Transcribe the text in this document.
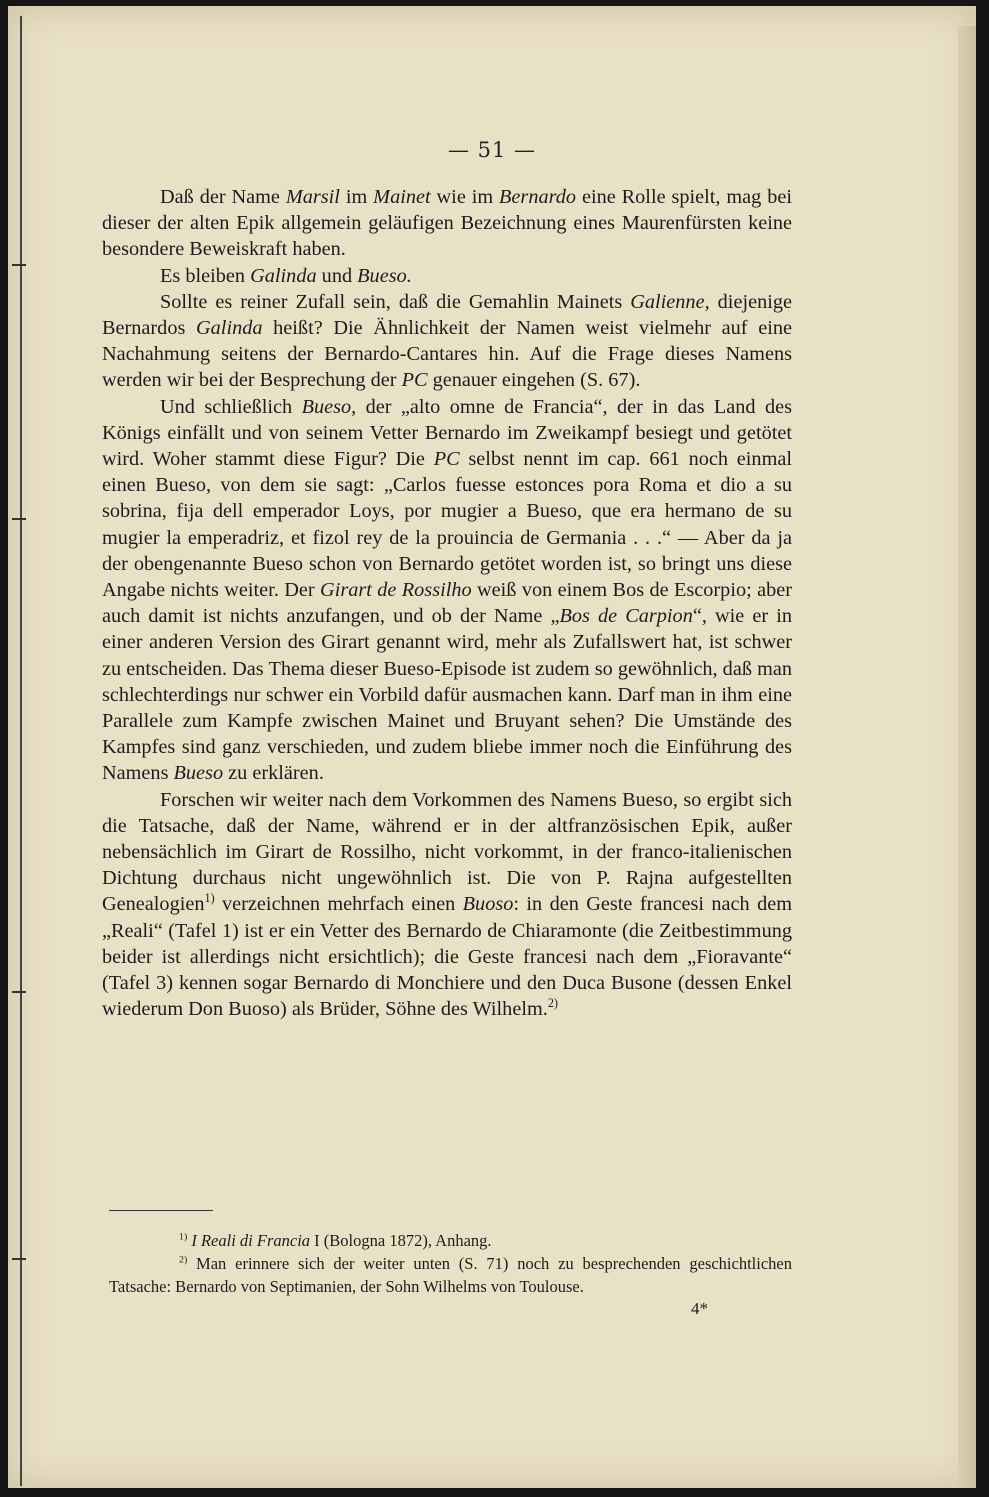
— 51 —

Daß der Name Marsil im Mainet wie im Bernardo eine Rolle spielt, mag bei dieser der alten Epik allgemein geläufigen Bezeichnung eines Maurenfürsten keine besondere Beweiskraft haben.

Es bleiben Galinda und Bueso.

Sollte es reiner Zufall sein, daß die Gemahlin Mainets Galienne, diejenige Bernardos Galinda heißt? Die Ähnlichkeit der Namen weist vielmehr auf eine Nachahmung seitens der Bernardo-Cantares hin. Auf die Frage dieses Namens werden wir bei der Besprechung der PC genauer eingehen (S. 67).

Und schließlich Bueso, der „alto omne de Francia“, der in das Land des Königs einfällt und von seinem Vetter Bernardo im Zweikampf besiegt und getötet wird. Woher stammt diese Figur? Die PC selbst nennt im cap. 661 noch einmal einen Bueso, von dem sie sagt: „Carlos fuesse estonces pora Roma et dio a su sobrina, fija dell emperador Loys, por mugier a Bueso, que era hermano de su mugier la emperadriz, et fizol rey de la prouincia de Germania . . .“ — Aber da ja der obengenannte Bueso schon von Bernardo getötet worden ist, so bringt uns diese Angabe nichts weiter. Der Girart de Rossilho weiß von einem Bos de Escorpio; aber auch damit ist nichts anzufangen, und ob der Name „Bos de Carpion“, wie er in einer anderen Version des Girart genannt wird, mehr als Zufallswert hat, ist schwer zu entscheiden. Das Thema dieser Bueso-Episode ist zudem so gewöhnlich, daß man schlechterdings nur schwer ein Vorbild dafür ausmachen kann. Darf man in ihm eine Parallele zum Kampfe zwischen Mainet und Bruyant sehen? Die Umstände des Kampfes sind ganz verschieden, und zudem bliebe immer noch die Einführung des Namens Bueso zu erklären.

Forschen wir weiter nach dem Vorkommen des Namens Bueso, so ergibt sich die Tatsache, daß der Name, während er in der altfranzösischen Epik, außer nebensächlich im Girart de Rossilho, nicht vorkommt, in der franco-italienischen Dichtung durchaus nicht ungewöhnlich ist. Die von P. Rajna aufgestellten Genealogien$^{1)}$ verzeichnen mehrfach einen Buoso: in den Geste francesi nach dem „Reali“ (Tafel 1) ist er ein Vetter des Bernardo de Chiaramonte (die Zeitbestimmung beider ist allerdings nicht ersichtlich); die Geste francesi nach dem „Fioravante“ (Tafel 3) kennen sogar Bernardo di Monchiere und den Duca Busone (dessen Enkel wiederum Don Buoso) als Brüder, Söhne des Wilhelm.$^{2)}$

$^{1)}$ I Reali di Francia I (Bologna 1872), Anhang.

$^{2)}$ Man erinnere sich der weiter unten (S. 71) noch zu besprechenden geschichtlichen Tatsache: Bernardo von Septimanien, der Sohn Wilhelms von Toulouse.

4*
